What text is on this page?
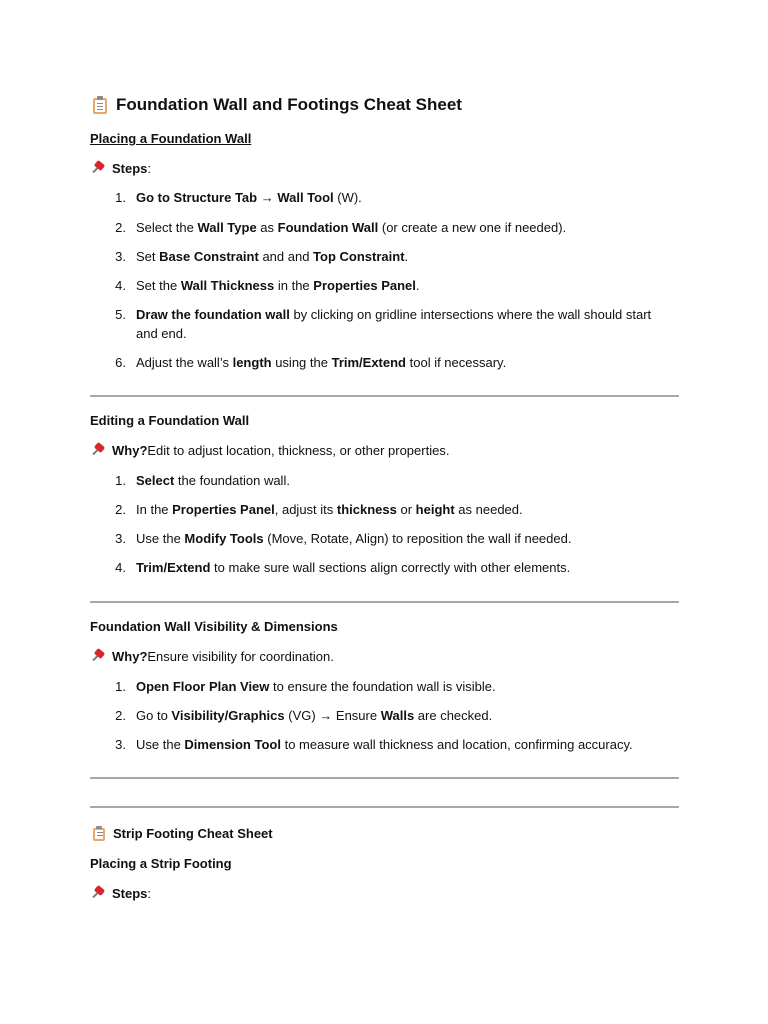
Foundation Wall and Footings Cheat Sheet
Placing a Foundation Wall
Steps :
1. Go to Structure Tab → Wall Tool (W).
2. Select the Wall Type as Foundation Wall (or create a new one if needed).
3. Set Base Constraint and and Top Constraint.
4. Set the Wall Thickness in the Properties Panel.
5. Draw the foundation wall by clicking on gridline intersections where the wall should start and end.
6. Adjust the wall’s length using the Trim/Extend tool if necessary.
Editing a Foundation Wall
Why? Edit to adjust location, thickness, or other properties.
1. Select the foundation wall.
2. In the Properties Panel, adjust its thickness or height as needed.
3. Use the Modify Tools (Move, Rotate, Align) to reposition the wall if needed.
4. Trim/Extend to make sure wall sections align correctly with other elements.
Foundation Wall Visibility & Dimensions
Why? Ensure visibility for coordination.
1. Open Floor Plan View to ensure the foundation wall is visible.
2. Go to Visibility/Graphics (VG) → Ensure Walls are checked.
3. Use the Dimension Tool to measure wall thickness and location, confirming accuracy.
Strip Footing Cheat Sheet
Placing a Strip Footing
Steps :
